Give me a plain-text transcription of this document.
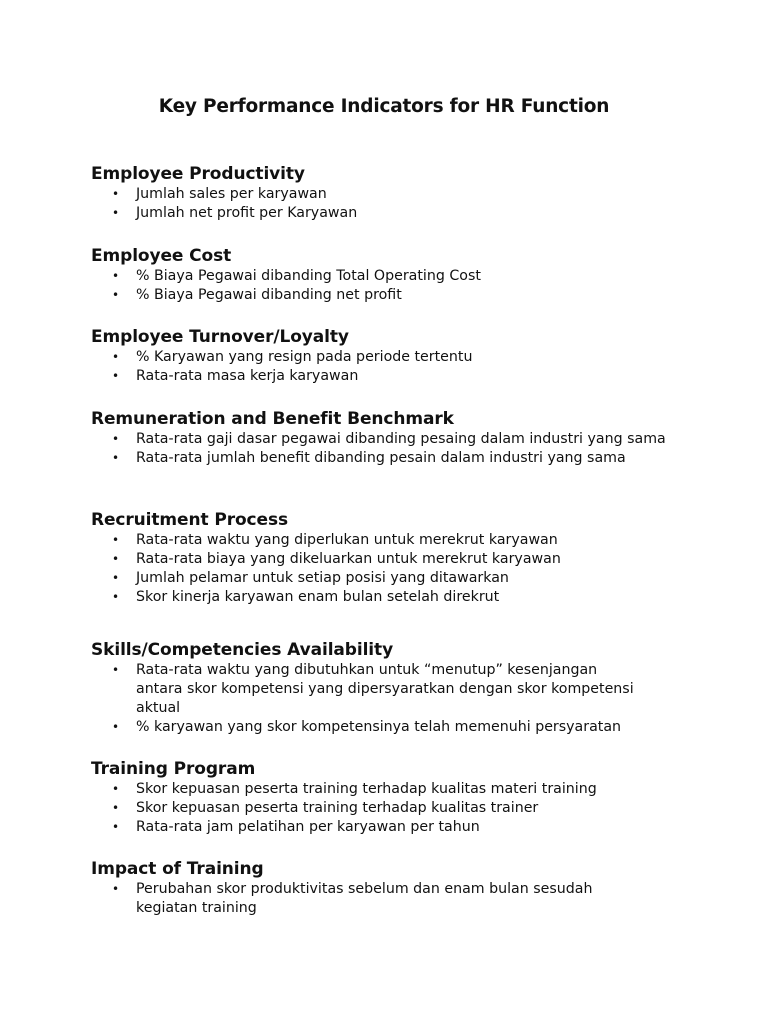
Key Performance Indicators for HR Function
Employee Productivity
• Jumlah sales per karyawan
• Jumlah net profit per Karyawan
Employee Cost
• % Biaya Pegawai dibanding Total Operating Cost
• % Biaya Pegawai dibanding net profit
Employee Turnover/Loyalty
• % Karyawan yang resign pada periode tertentu
• Rata-rata masa kerja karyawan
Remuneration and Benefit Benchmark
• Rata-rata gaji dasar pegawai dibanding pesaing dalam industri yang sama
• Rata-rata jumlah benefit dibanding pesain dalam industri yang sama
Recruitment Process
• Rata-rata waktu yang diperlukan untuk merekrut karyawan
• Rata-rata biaya yang dikeluarkan untuk merekrut karyawan
• Jumlah pelamar untuk setiap posisi yang ditawarkan
• Skor kinerja karyawan enam bulan setelah direkrut
Skills/Competencies Availability
• Rata-rata waktu yang dibutuhkan untuk “menutup” kesenjangan antara skor kompetensi yang dipersyaratkan dengan skor kompetensi aktual
• % karyawan yang skor kompetensinya telah memenuhi persyaratan
Training Program
• Skor kepuasan peserta training terhadap kualitas materi training
• Skor kepuasan peserta training terhadap kualitas trainer
• Rata-rata jam pelatihan per karyawan per tahun
Impact of Training
• Perubahan skor produktivitas sebelum dan enam bulan sesudah kegiatan training
